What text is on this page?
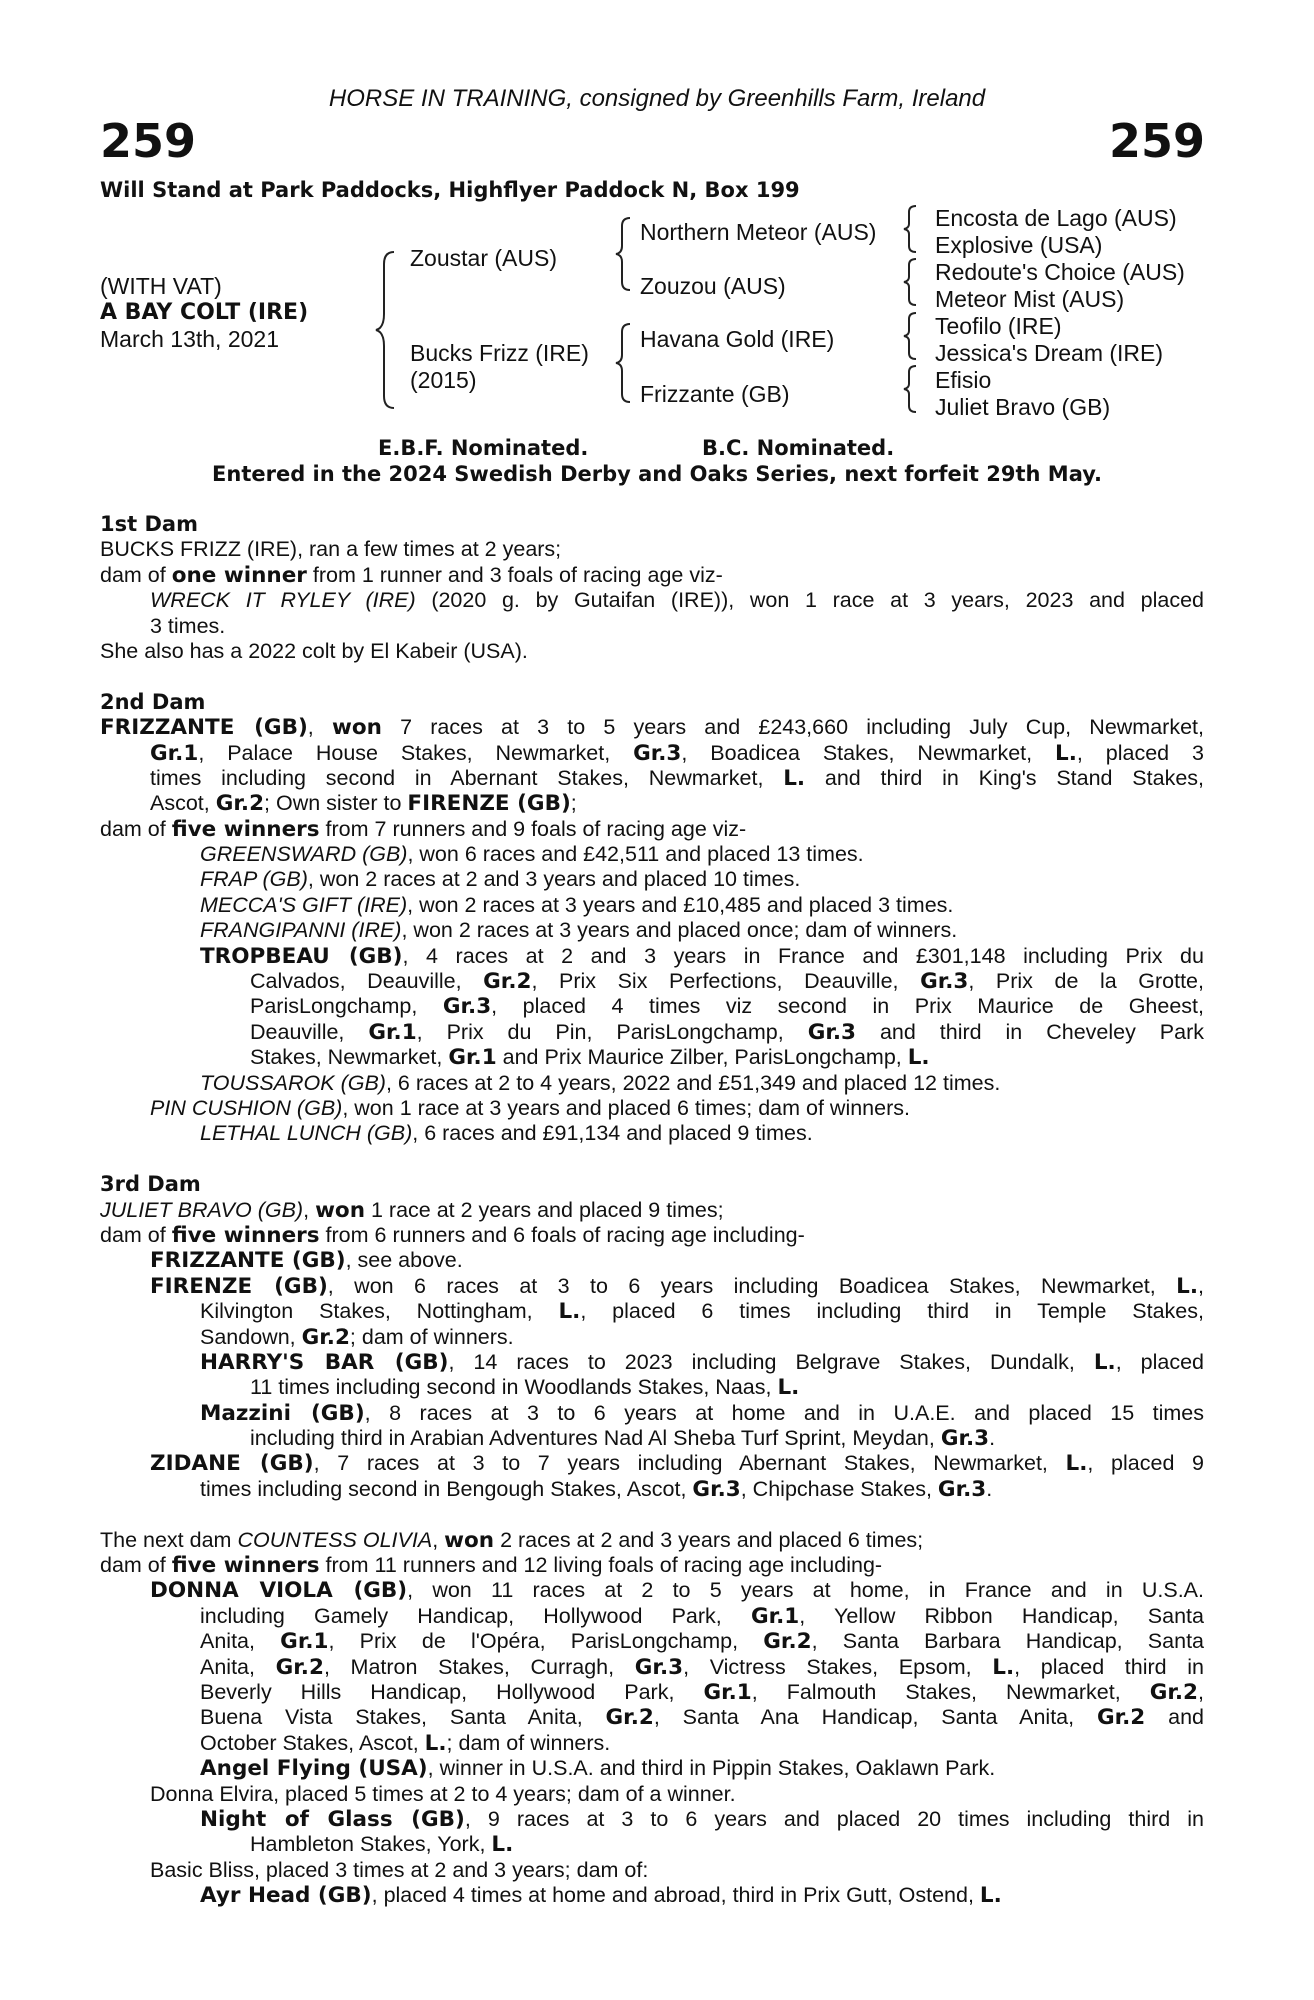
HORSE IN TRAINING, consigned by Greenhills Farm, Ireland
259	259
Will Stand at Park Paddocks, Highflyer Paddock N, Box 199
(WITH VAT)
A BAY COLT (IRE)
March 13th, 2021
Zoustar (AUS)
Bucks Frizz (IRE)
(2015)
Northern Meteor (AUS)
Zouzou (AUS)
Havana Gold (IRE)
Frizzante (GB)
Encosta de Lago (AUS)
Explosive (USA)
Redoute's Choice (AUS)
Meteor Mist (AUS)
Teofilo (IRE)
Jessica's Dream (IRE)
Efisio
Juliet Bravo (GB)
E.B.F. Nominated.	B.C. Nominated.
Entered in the 2024 Swedish Derby and Oaks Series, next forfeit 29th May.
1st Dam
BUCKS FRIZZ (IRE), ran a few times at 2 years;
dam of one winner from 1 runner and 3 foals of racing age viz-
WRECK IT RYLEY (IRE) (2020 g. by Gutaifan (IRE)), won 1 race at 3 years, 2023 and placed
3 times.
She also has a 2022 colt by El Kabeir (USA).
2nd Dam
FRIZZANTE (GB), won 7 races at 3 to 5 years and £243,660 including July Cup, Newmarket,
Gr.1, Palace House Stakes, Newmarket, Gr.3, Boadicea Stakes, Newmarket, L., placed 3
times including second in Abernant Stakes, Newmarket, L. and third in King's Stand Stakes,
Ascot, Gr.2; Own sister to FIRENZE (GB);
dam of five winners from 7 runners and 9 foals of racing age viz-
GREENSWARD (GB), won 6 races and £42,511 and placed 13 times.
FRAP (GB), won 2 races at 2 and 3 years and placed 10 times.
MECCA'S GIFT (IRE), won 2 races at 3 years and £10,485 and placed 3 times.
FRANGIPANNI (IRE), won 2 races at 3 years and placed once; dam of winners.
TROPBEAU (GB), 4 races at 2 and 3 years in France and £301,148 including Prix du
Calvados, Deauville, Gr.2, Prix Six Perfections, Deauville, Gr.3, Prix de la Grotte,
ParisLongchamp, Gr.3, placed 4 times viz second in Prix Maurice de Gheest,
Deauville, Gr.1, Prix du Pin, ParisLongchamp, Gr.3 and third in Cheveley Park
Stakes, Newmarket, Gr.1 and Prix Maurice Zilber, ParisLongchamp, L.
TOUSSAROK (GB), 6 races at 2 to 4 years, 2022 and £51,349 and placed 12 times.
PIN CUSHION (GB), won 1 race at 3 years and placed 6 times; dam of winners.
LETHAL LUNCH (GB), 6 races and £91,134 and placed 9 times.
3rd Dam
JULIET BRAVO (GB), won 1 race at 2 years and placed 9 times;
dam of five winners from 6 runners and 6 foals of racing age including-
FRIZZANTE (GB), see above.
FIRENZE (GB), won 6 races at 3 to 6 years including Boadicea Stakes, Newmarket, L.,
Kilvington Stakes, Nottingham, L., placed 6 times including third in Temple Stakes,
Sandown, Gr.2; dam of winners.
HARRY'S BAR (GB), 14 races to 2023 including Belgrave Stakes, Dundalk, L., placed
11 times including second in Woodlands Stakes, Naas, L.
Mazzini (GB), 8 races at 3 to 6 years at home and in U.A.E. and placed 15 times
including third in Arabian Adventures Nad Al Sheba Turf Sprint, Meydan, Gr.3.
ZIDANE (GB), 7 races at 3 to 7 years including Abernant Stakes, Newmarket, L., placed 9
times including second in Bengough Stakes, Ascot, Gr.3, Chipchase Stakes, Gr.3.
The next dam COUNTESS OLIVIA, won 2 races at 2 and 3 years and placed 6 times;
dam of five winners from 11 runners and 12 living foals of racing age including-
DONNA VIOLA (GB), won 11 races at 2 to 5 years at home, in France and in U.S.A.
including Gamely Handicap, Hollywood Park, Gr.1, Yellow Ribbon Handicap, Santa
Anita, Gr.1, Prix de l'Opéra, ParisLongchamp, Gr.2, Santa Barbara Handicap, Santa
Anita, Gr.2, Matron Stakes, Curragh, Gr.3, Victress Stakes, Epsom, L., placed third in
Beverly Hills Handicap, Hollywood Park, Gr.1, Falmouth Stakes, Newmarket, Gr.2,
Buena Vista Stakes, Santa Anita, Gr.2, Santa Ana Handicap, Santa Anita, Gr.2 and
October Stakes, Ascot, L.; dam of winners.
Angel Flying (USA), winner in U.S.A. and third in Pippin Stakes, Oaklawn Park.
Donna Elvira, placed 5 times at 2 to 4 years; dam of a winner.
Night of Glass (GB), 9 races at 3 to 6 years and placed 20 times including third in
Hambleton Stakes, York, L.
Basic Bliss, placed 3 times at 2 and 3 years; dam of:
Ayr Head (GB), placed 4 times at home and abroad, third in Prix Gutt, Ostend, L.
